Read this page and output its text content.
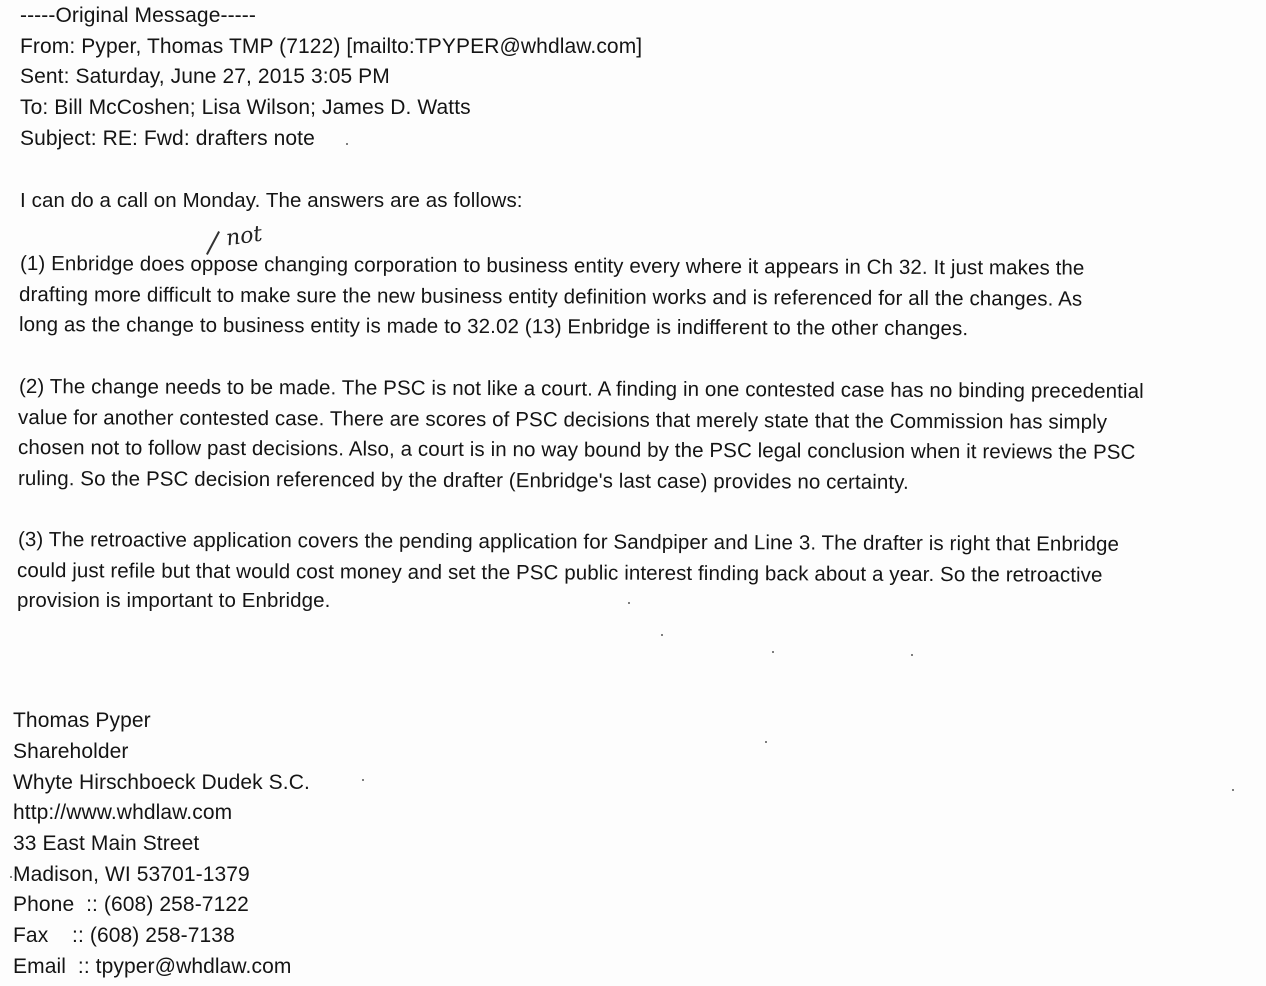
-----Original Message-----
From: Pyper, Thomas TMP (7122) [mailto:TPYPER@whdlaw.com]
Sent: Saturday, June 27, 2015 3:05 PM
To: Bill McCoshen; Lisa Wilson; James D. Watts
Subject: RE: Fwd: drafters note
I can do a call on Monday. The answers are as follows:
(1) Enbridge does oppose changing corporation to business entity every where it appears in Ch 32. It just makes the
drafting more difficult to make sure the new business entity definition works and is referenced for all the changes. As
long as the change to business entity is made to 32.02 (13) Enbridge is indifferent to the other changes.
not
(2) The change needs to be made. The PSC is not like a court. A finding in one contested case has no binding precedential
value for another contested case. There are scores of PSC decisions that merely state that the Commission has simply
chosen not to follow past decisions. Also, a court is in no way bound by the PSC legal conclusion when it reviews the PSC
ruling. So the PSC decision referenced by the drafter (Enbridge's last case) provides no certainty.
(3) The retroactive application covers the pending application for Sandpiper and Line 3. The drafter is right that Enbridge
could just refile but that would cost money and set the PSC public interest finding back about a year. So the retroactive
provision is important to Enbridge.
Thomas Pyper
Shareholder
Whyte Hirschboeck Dudek S.C.
http://www.whdlaw.com
33 East Main Street
Madison, WI 53701-1379
Phone  :: (608) 258-7122
Fax    :: (608) 258-7138
Email  :: tpyper@whdlaw.com
